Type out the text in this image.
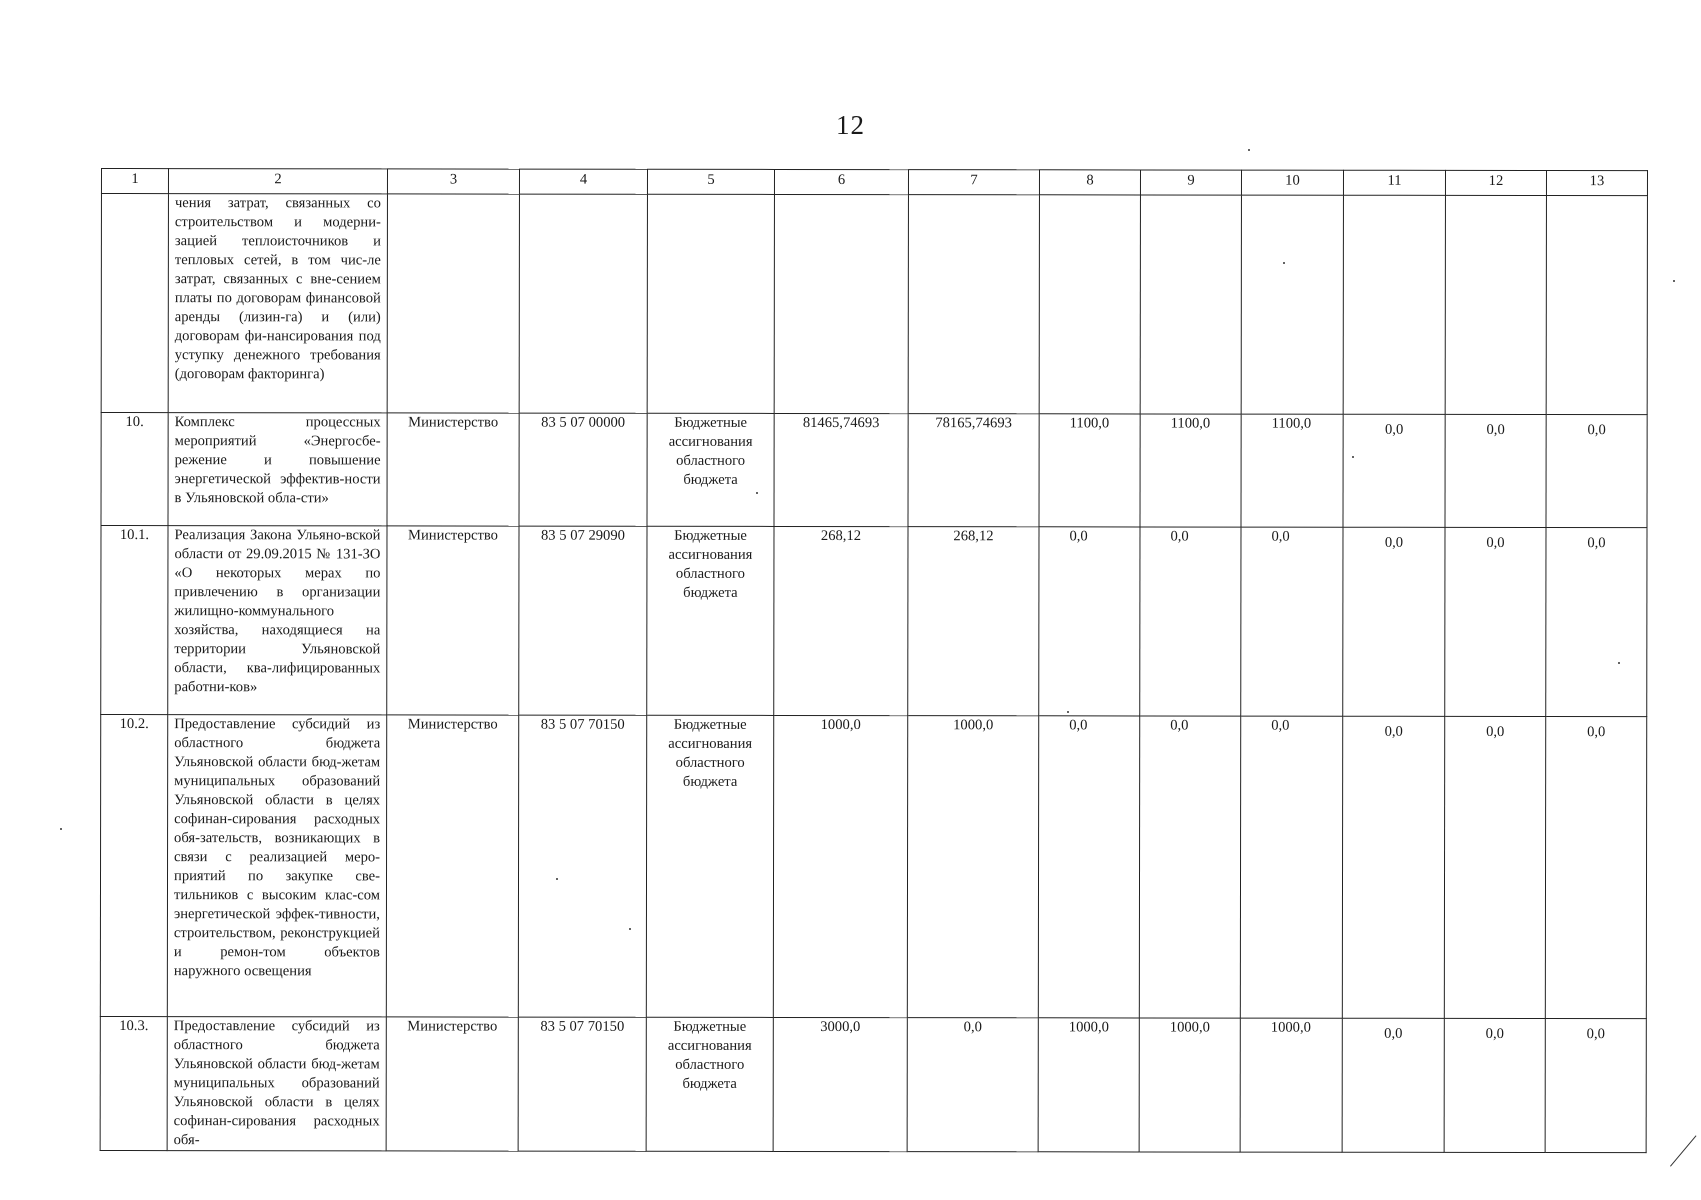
12
1	2	3	4	5	6	7	8	9	10	11	12	13
	чения затрат, связанных со строительством и модерни-зацией теплоисточников и тепловых сетей, в том чис-ле затрат, связанных с вне-сением платы по договорам финансовой аренды (лизин-га) и (или) договорам фи-нансирования под уступку денежного требования (договорам факторинга)											
10.	Комплекс процессных мероприятий «Энергосбе-режение и повышение энергетической эффектив-ности в Ульяновской обла-сти»	Министерство	83 5 07 00000	Бюджетные ассигнования областного бюджета	81465,74693	78165,74693	1100,0	1100,0	1100,0	0,0	0,0	0,0
10.1.	Реализация Закона Ульяно-вской области от 29.09.2015 № 131-ЗО «О некоторых мерах по привлечению в организации жилищно-коммунального хозяйства, находящиеся на территории Ульяновской области, ква-лифицированных работни-ков»	Министерство	83 5 07 29090	Бюджетные ассигнования областного бюджета	268,12	268,12	0,0	0,0	0,0	0,0	0,0	0,0
10.2.	Предоставление субсидий из областного бюджета Ульяновской области бюд-жетам муниципальных образований Ульяновской области в целях софинан-сирования расходных обя-зательств, возникающих в связи с реализацией меро-приятий по закупке све-тильников с высоким клас-сом энергетической эффек-тивности, строительством, реконструкцией и ремон-том объектов наружного освещения	Министерство	83 5 07 70150	Бюджетные ассигнования областного бюджета	1000,0	1000,0	0,0	0,0	0,0	0,0	0,0	0,0
10.3.	Предоставление субсидий из областного бюджета Ульяновской области бюд-жетам муниципальных образований Ульяновской области в целях софинан-сирования расходных обя-	Министерство	83 5 07 70150	Бюджетные ассигнования областного бюджета	3000,0	0,0	1000,0	1000,0	1000,0	0,0	0,0	0,0
